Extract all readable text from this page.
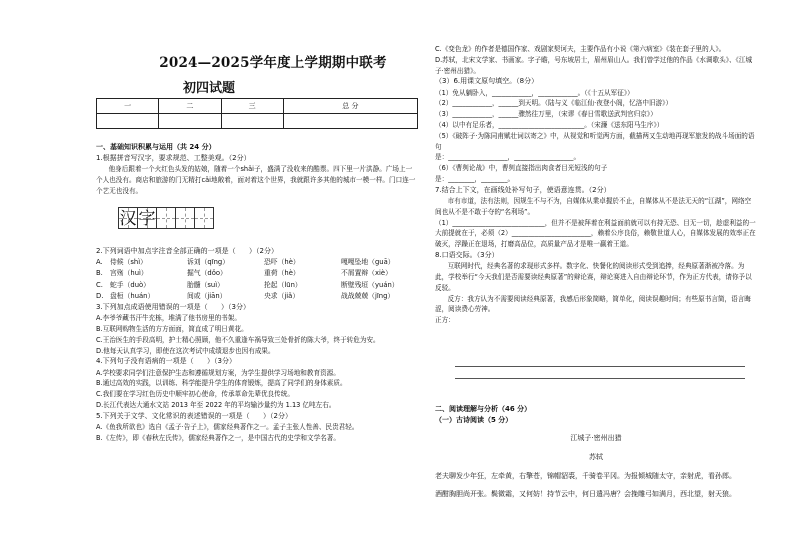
2024—2025学年度上学期期中联考
初四试题
一	二	三	总 分

一、基础知识积累与运用（共 24 分）

1.根据拼音写汉字，要求规范、工整美观。（2分）

他身后跟着一个火红色头发的姑娘，随着一个shǎi子，盛满了没收来的酷票。四下里一片洪静。广场上一个人也没有。商店和旅游的门无精打cǎi地敞着，面对着这个世界，我就跟许多其他的城市一模一样。门口连一个艺无也没有。

汉 字

2.下列词语中加点字注音全部正确的一项是（      ）（2分）

A.	侍候（shì）	诉刘（qīng）	恐吓（hè）	嘎嘎坠地（guā）
B.	宫殇（huì）	掘气（dǒo）	重荷（hè）	不屑置辩（xiè）
C.	蛇手（duò）	胎髓（suì）	抡起（lūn）	断壁残垣（yuán）
D. 盘桓（huán）	间或（jiān）	央求（jiǎ）	战战兢兢（jīng）

3.下列加点成语使用错误的一项是（      ）（3分）

A.李爷爷藏书汗牛充栋，堆满了他书房里的书架。

B.互联网购物生活的方方面面，简直成了明日黄花。

C.王治医生的手段高明，护士精心照顾，他不久重逢车祸导致三处骨折的陈大爷，终于转危为安。

D.他每天认真学习，即使在这次考试中成绩退步也因有成果。

4.下列句子没有语病的一项是（      ）（3分）

A.学校要求同学们注意保护生态和遵循规划方案，为学生提供学习场地和教育资源。

B.通过高效的实践，以训练、科学能提升学生的体育锻炼，提高了同学们的身体素质。

C.我们要在学习红色历史中顺牢初心使命，传承革命先辈优良传统。

D.长江代表达大通水文站 2013 年至 2022 年的平均输沙量约为 1.13 亿吨左右。

5.下列关于文学、文化常识的表述错误的一项是（      ）（2分）

A.《鱼我所欲也》选自《孟子·告子上》，儒家经典著作之一。孟子主张人性善、民贵君轻。

B.《左传》，即《春秋左氏传》，儒家经典著作之一，是中国古代的史学和文学名著。

C.《变色龙》的作者是德国作家、戏剧家契诃夫，主要作品有小说《第六病室》《装在套子里的人》。

D.苏轼，北宋文学家、书画家。字子瞻，号东坡居士，眉州眉山人。我们曾学过他的作品《水调歌头》、《江城子·密州出猎》。

（3）6.用课文原句填空。（8分）

（1）免从躺卧入，____________，____________。（《十五从军征》）

（2）____________，______到天明。（陆与义《临江仙·夜登小阁，忆洛中旧游》）

（3）____________，______骤然往万里，（宋谬《春日雪歌送武判官归京》）

（4）以中有足乐者，__________________________。（宋濂《送东阳马生序》）

（5）《破阵子·为陈同甫赋壮词以寄之》中，从视觉和听觉两方面，截描两又生动地再现军旅发的战斗场面的语句

是：__________________，__________________。

（6）《曹刿论战》中，曹刿直接指出肉食者目光短浅的句子

是：________，________。

7.结合上下文，在画线处补写句子，使语意连贯。（2分）

市有市道，法有法则，因规生不与不为，自媒体从業卓握於不止，自媒体从不是法无天的“江湖”，网络空间也从不是不敢于夺的“名利场”。

（1）____________________________，但并不是被拜着在利益面前就可以有持无恐、目无一切，趁虚利益的一大前提就在于，必须（2）________________________，赖着公序良俗，赖敬世道人心，自媒体发展的效率正在破灭，浮躁正在退场，打磨高品位，高质量产品才是唯一赢着王道。

8.口语交际。（3分）

互联网时代，经典名著的求现形式多样。数字化、快餐化的阅读形式受到追捧，经典原著渐被冷落。为此，学校举行“今天我们是否需要读经典原著”的辩论赛，辩论赛进入自由辩论环节，作为正方代表，请你予以反驳。

反方：我方认为不需要阅读经典原著，我感后形象简略，简单化，阅读误趣时间；有些原书言简，语言晦涩，阅读费心劳神。

正方：

二、阅读理解与分析（46 分）

（一）古诗阅读（5 分）

江城子·密州出猎

苏轼

老夫聊发少年狂，左牵黄，右擎苍，锦帽貂裘，千骑卷平冈。为报倾城随太守，亲射虎，看孙郎。

酒酣胸胆尚开张。鬓微霜，又何妨！持节云中，何日遣冯唐？会挽雕弓如满月，西北望，射天狼。
